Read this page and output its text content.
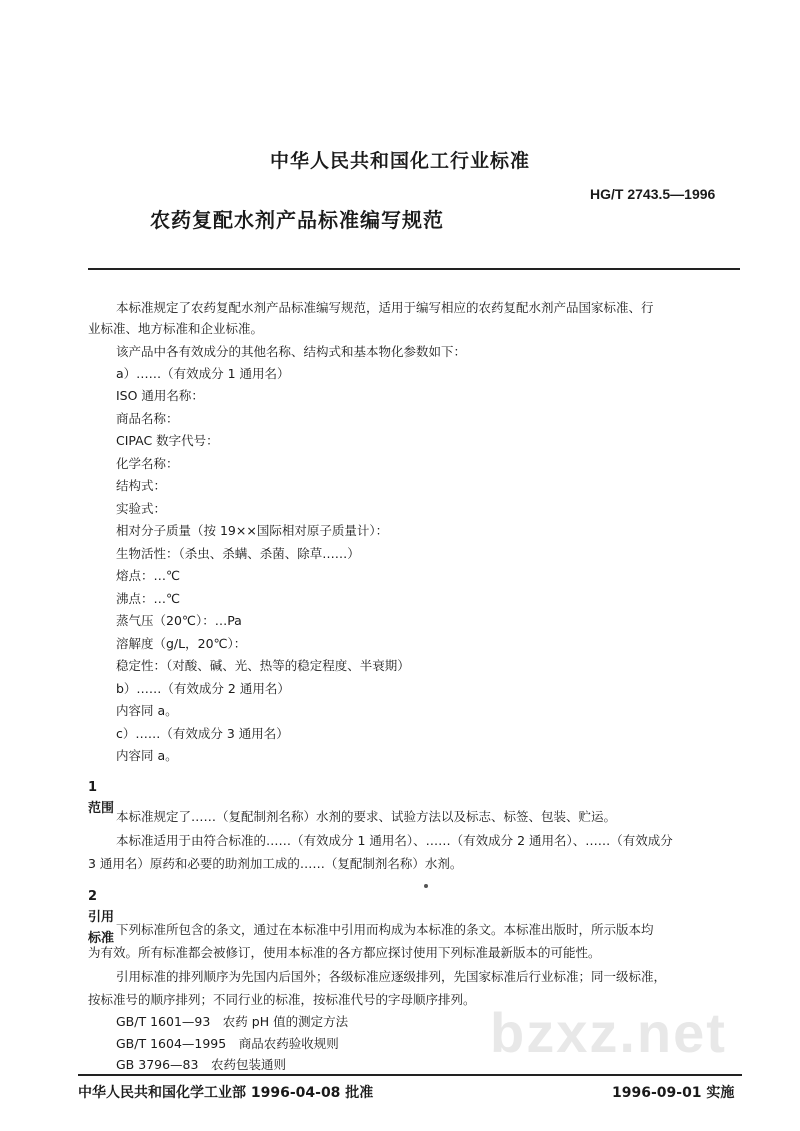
中华人民共和国化工行业标准
HG/T 2743.5—1996
农药复配水剂产品标准编写规范
本标准规定了农药复配水剂产品标准编写规范，适用于编写相应的农药复配水剂产品国家标准、行
业标准、地方标准和企业标准。
该产品中各有效成分的其他名称、结构式和基本物化参数如下：
a）……（有效成分 1 通用名）
ISO 通用名称：
商品名称：
CIPAC 数字代号：
化学名称：
结构式：
实验式：
相对分子质量（按 19××国际相对原子质量计）：
生物活性：（杀虫、杀螨、杀菌、除草……）
熔点：…℃
沸点：…℃
蒸气压（20℃）：…Pa
溶解度（g/L，20℃）：
稳定性：（对酸、碱、光、热等的稳定程度、半衰期）
b）……（有效成分 2 通用名）
内容同 a。
c）……（有效成分 3 通用名）
内容同 a。
1范围
本标准规定了……（复配制剂名称）水剂的要求、试验方法以及标志、标签、包装、贮运。
本标准适用于由符合标准的……（有效成分 1 通用名）、……（有效成分 2 通用名）、……（有效成分
3 通用名）原药和必要的助剂加工成的……（复配制剂名称）水剂。
2引用标准
下列标准所包含的条文，通过在本标准中引用而构成为本标准的条文。本标准出版时，所示版本均
为有效。所有标准都会被修订，使用本标准的各方都应探讨使用下列标准最新版本的可能性。
引用标准的排列顺序为先国内后国外；各级标准应逐级排列，先国家标准后行业标准；同一级标准，
按标准号的顺序排列；不同行业的标准，按标准代号的字母顺序排列。
GB/T 1601—93　农药 pH 值的测定方法
GB/T 1604—1995　商品农药验收规则
GB 3796—83　农药包装通则
bzxz.net
中华人民共和国化学工业部 1996-04-08 批准	1996-09-01 实施
